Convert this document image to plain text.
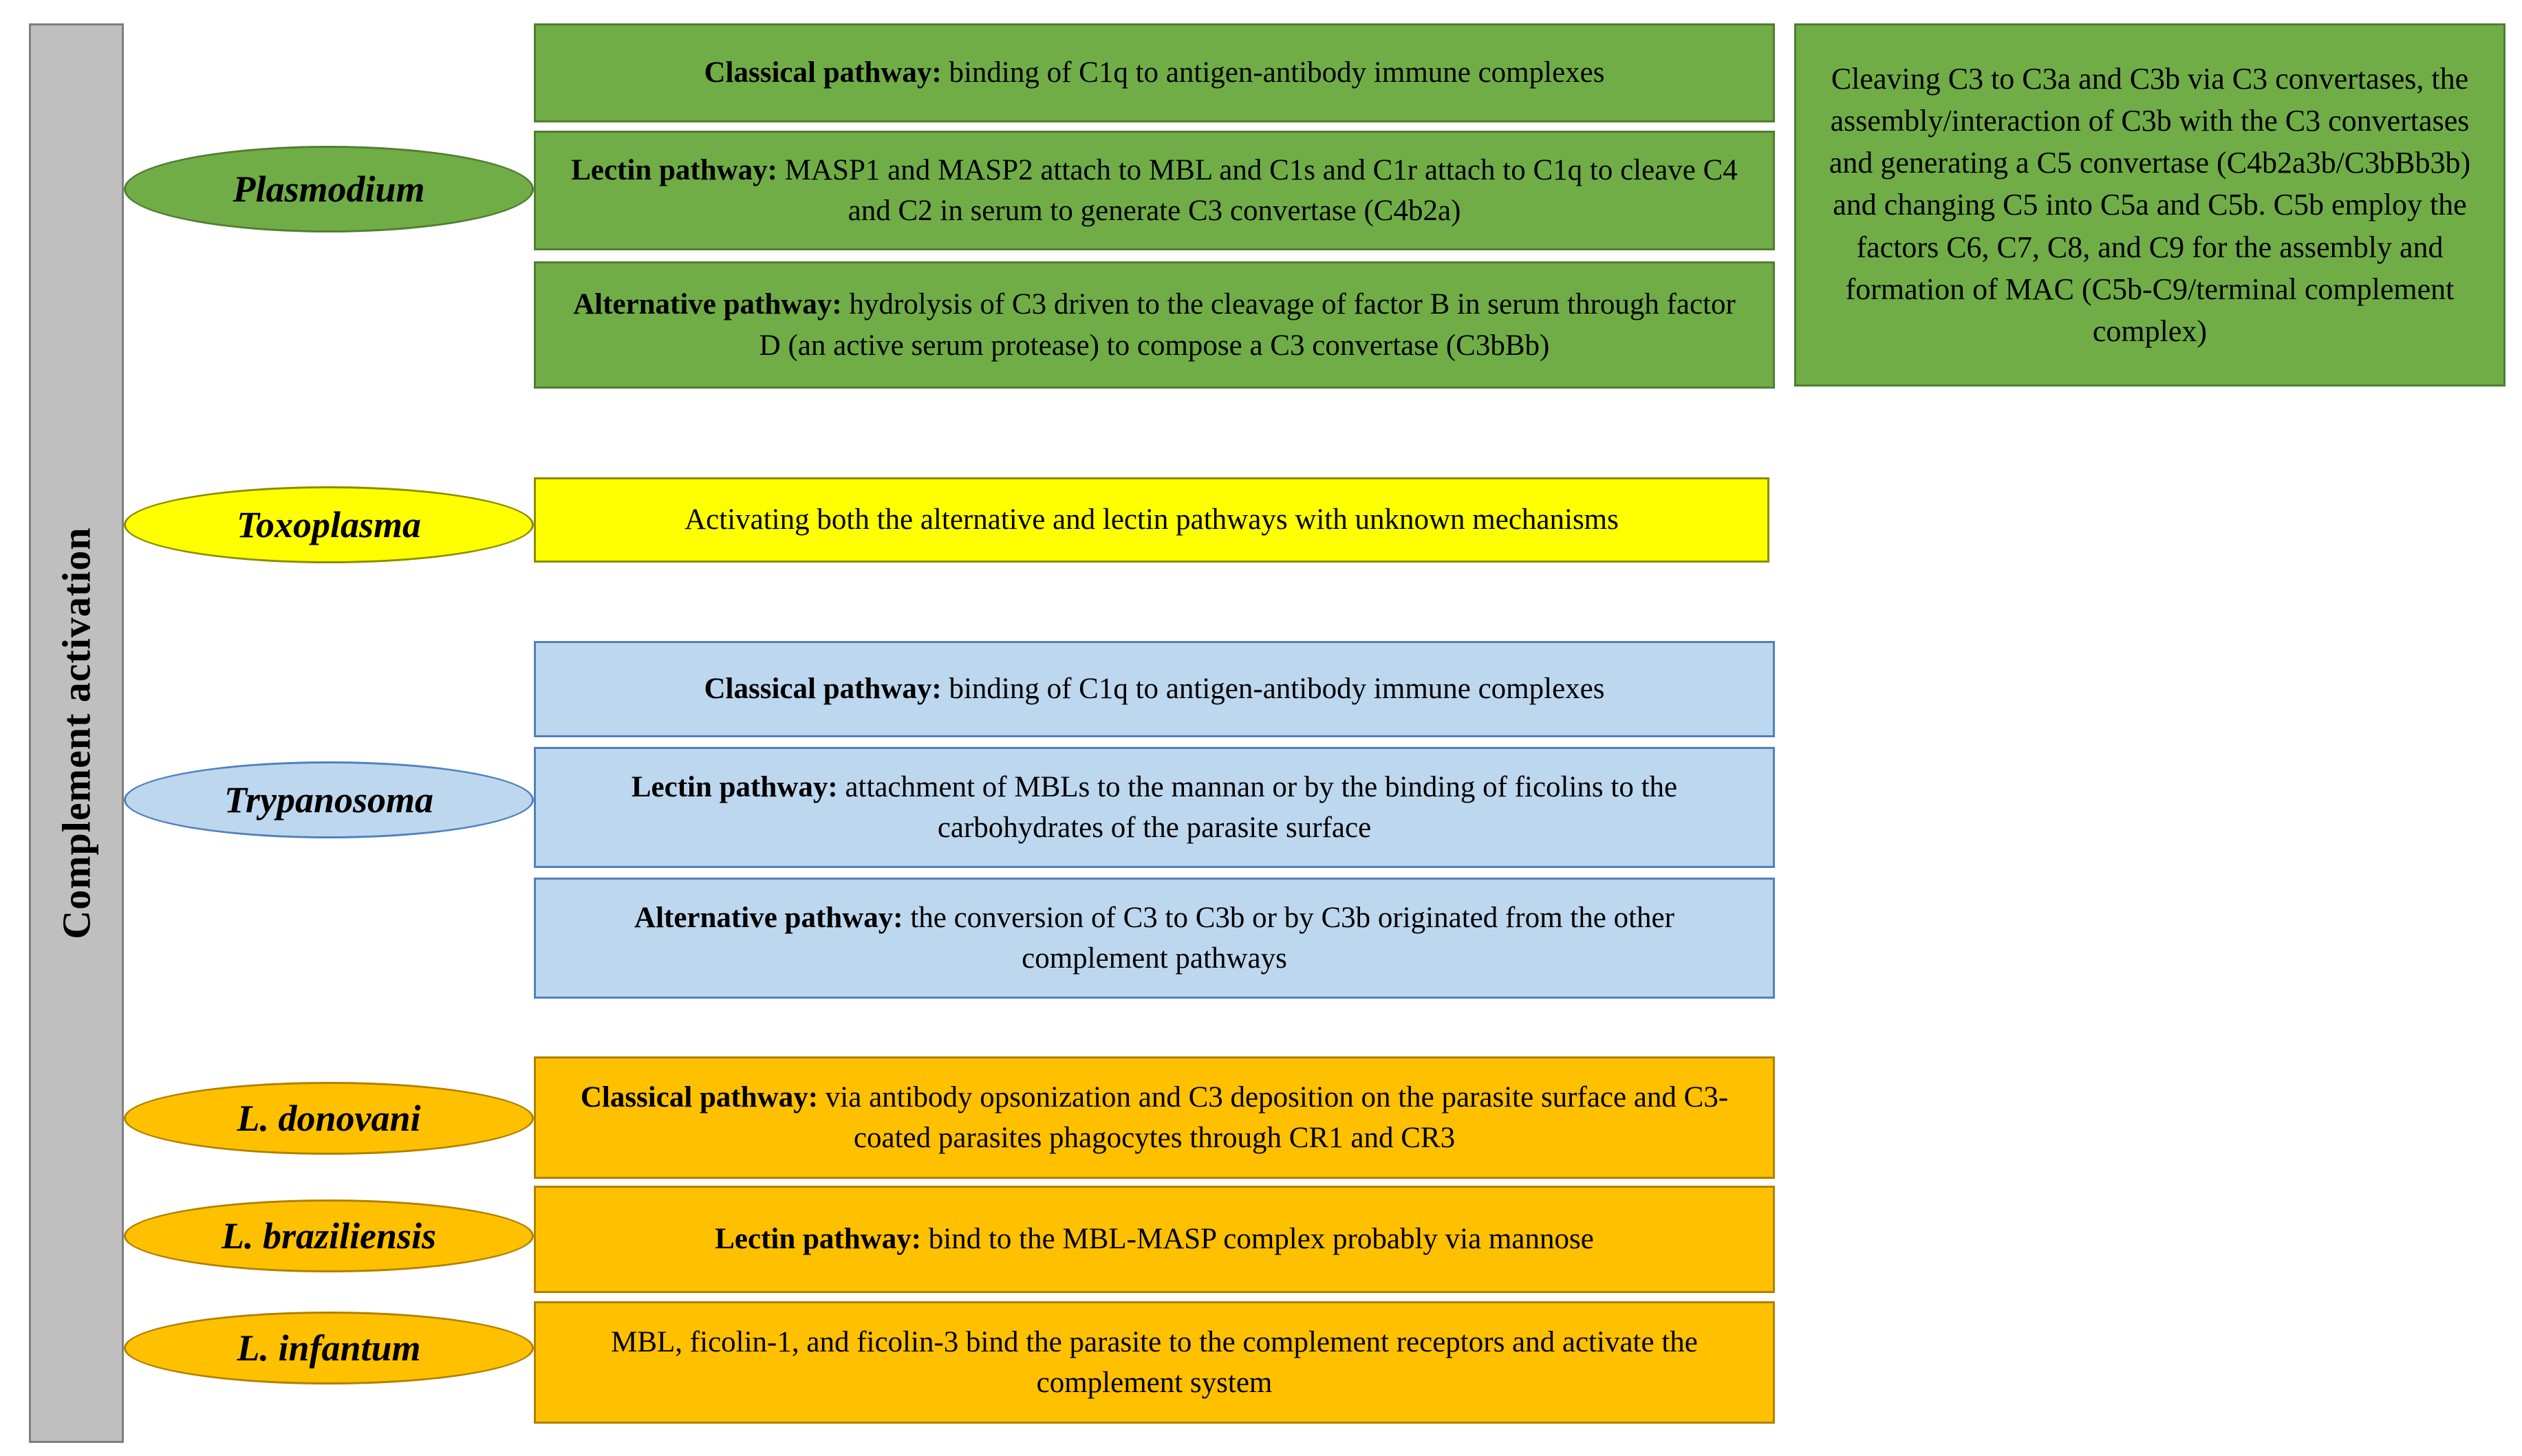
Complement activation
Plasmodium
Toxoplasma
Trypanosoma
L. donovani
L. braziliensis
L. infantum
Classical pathway: binding of C1q to antigen-antibody immune complexes
Lectin pathway: MASP1 and MASP2 attach to MBL and C1s and C1r attach to C1q to cleave C4 and C2 in serum to generate C3 convertase (C4b2a)
Alternative pathway: hydrolysis of C3 driven to the cleavage of factor B in serum through factor D (an active serum protease) to compose a C3 convertase (C3bBb)
Cleaving C3 to C3a and C3b via C3 convertases, the assembly/interaction of C3b with the C3 convertases and generating a C5 convertase (C4b2a3b/C3bBb3b) and changing C5 into C5a and C5b. C5b employ the factors C6, C7, C8, and C9 for the assembly and formation of MAC (C5b-C9/terminal complement complex)
Activating both the alternative and lectin pathways with unknown mechanisms
Classical pathway: binding of C1q to antigen-antibody immune complexes
Lectin pathway: attachment of MBLs to the mannan or by the binding of ficolins to the carbohydrates of the parasite surface
Alternative pathway: the conversion of C3 to C3b or by C3b originated from the other complement pathways
Classical pathway: via antibody opsonization and C3 deposition on the parasite surface and C3-coated parasites phagocytes through CR1 and CR3
Lectin pathway: bind to the MBL-MASP complex probably via mannose
MBL, ficolin-1, and ficolin-3 bind the parasite to the complement receptors and activate the complement system
